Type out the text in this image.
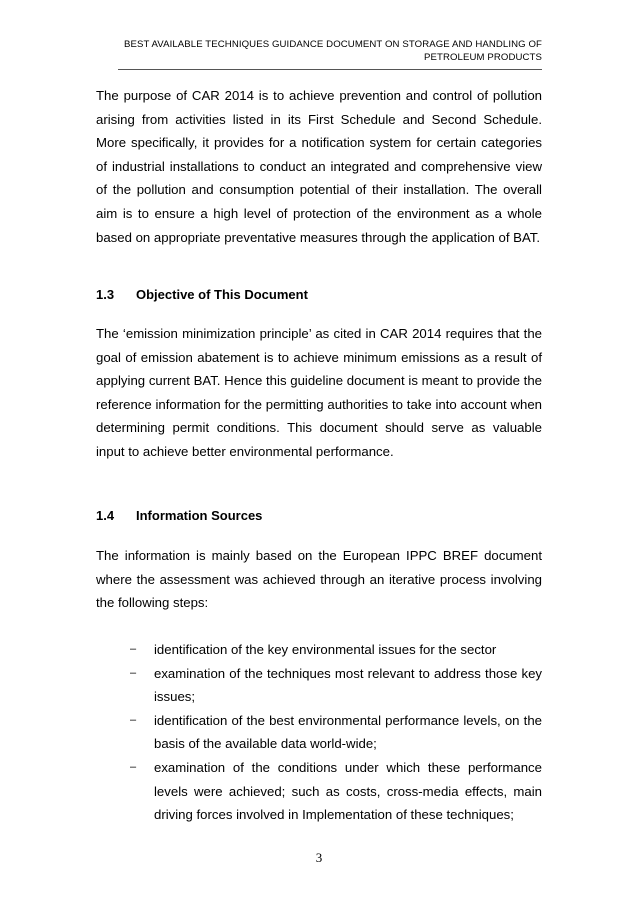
BEST AVAILABLE TECHNIQUES GUIDANCE DOCUMENT ON STORAGE AND HANDLING OF
PETROLEUM PRODUCTS

The purpose of CAR 2014 is to achieve prevention and control of pollution arising from activities listed in its First Schedule and Second Schedule. More specifically, it provides for a notification system for certain categories of industrial installations to conduct an integrated and comprehensive view of the pollution and consumption potential of their installation. The overall aim is to ensure a high level of protection of the environment as a whole based on appropriate preventative measures through the application of BAT.

1.3	Objective of This Document

The ‘emission minimization principle’ as cited in CAR 2014 requires that the goal of emission abatement is to achieve minimum emissions as a result of applying current BAT. Hence this guideline document is meant to provide the reference information for the permitting authorities to take into account when determining permit conditions. This document should serve as valuable input to achieve better environmental performance.

1.4	Information Sources

The information is mainly based on the European IPPC BREF document where the assessment was achieved through an iterative process involving the following steps:

–	identification of the key environmental issues for the sector
–	examination of the techniques most relevant to address those key issues;
–	identification of the best environmental performance levels, on the basis of the available data world-wide;
–	examination of the conditions under which these performance levels were achieved; such as costs, cross-media effects, main driving forces involved in Implementation of these techniques;
3
